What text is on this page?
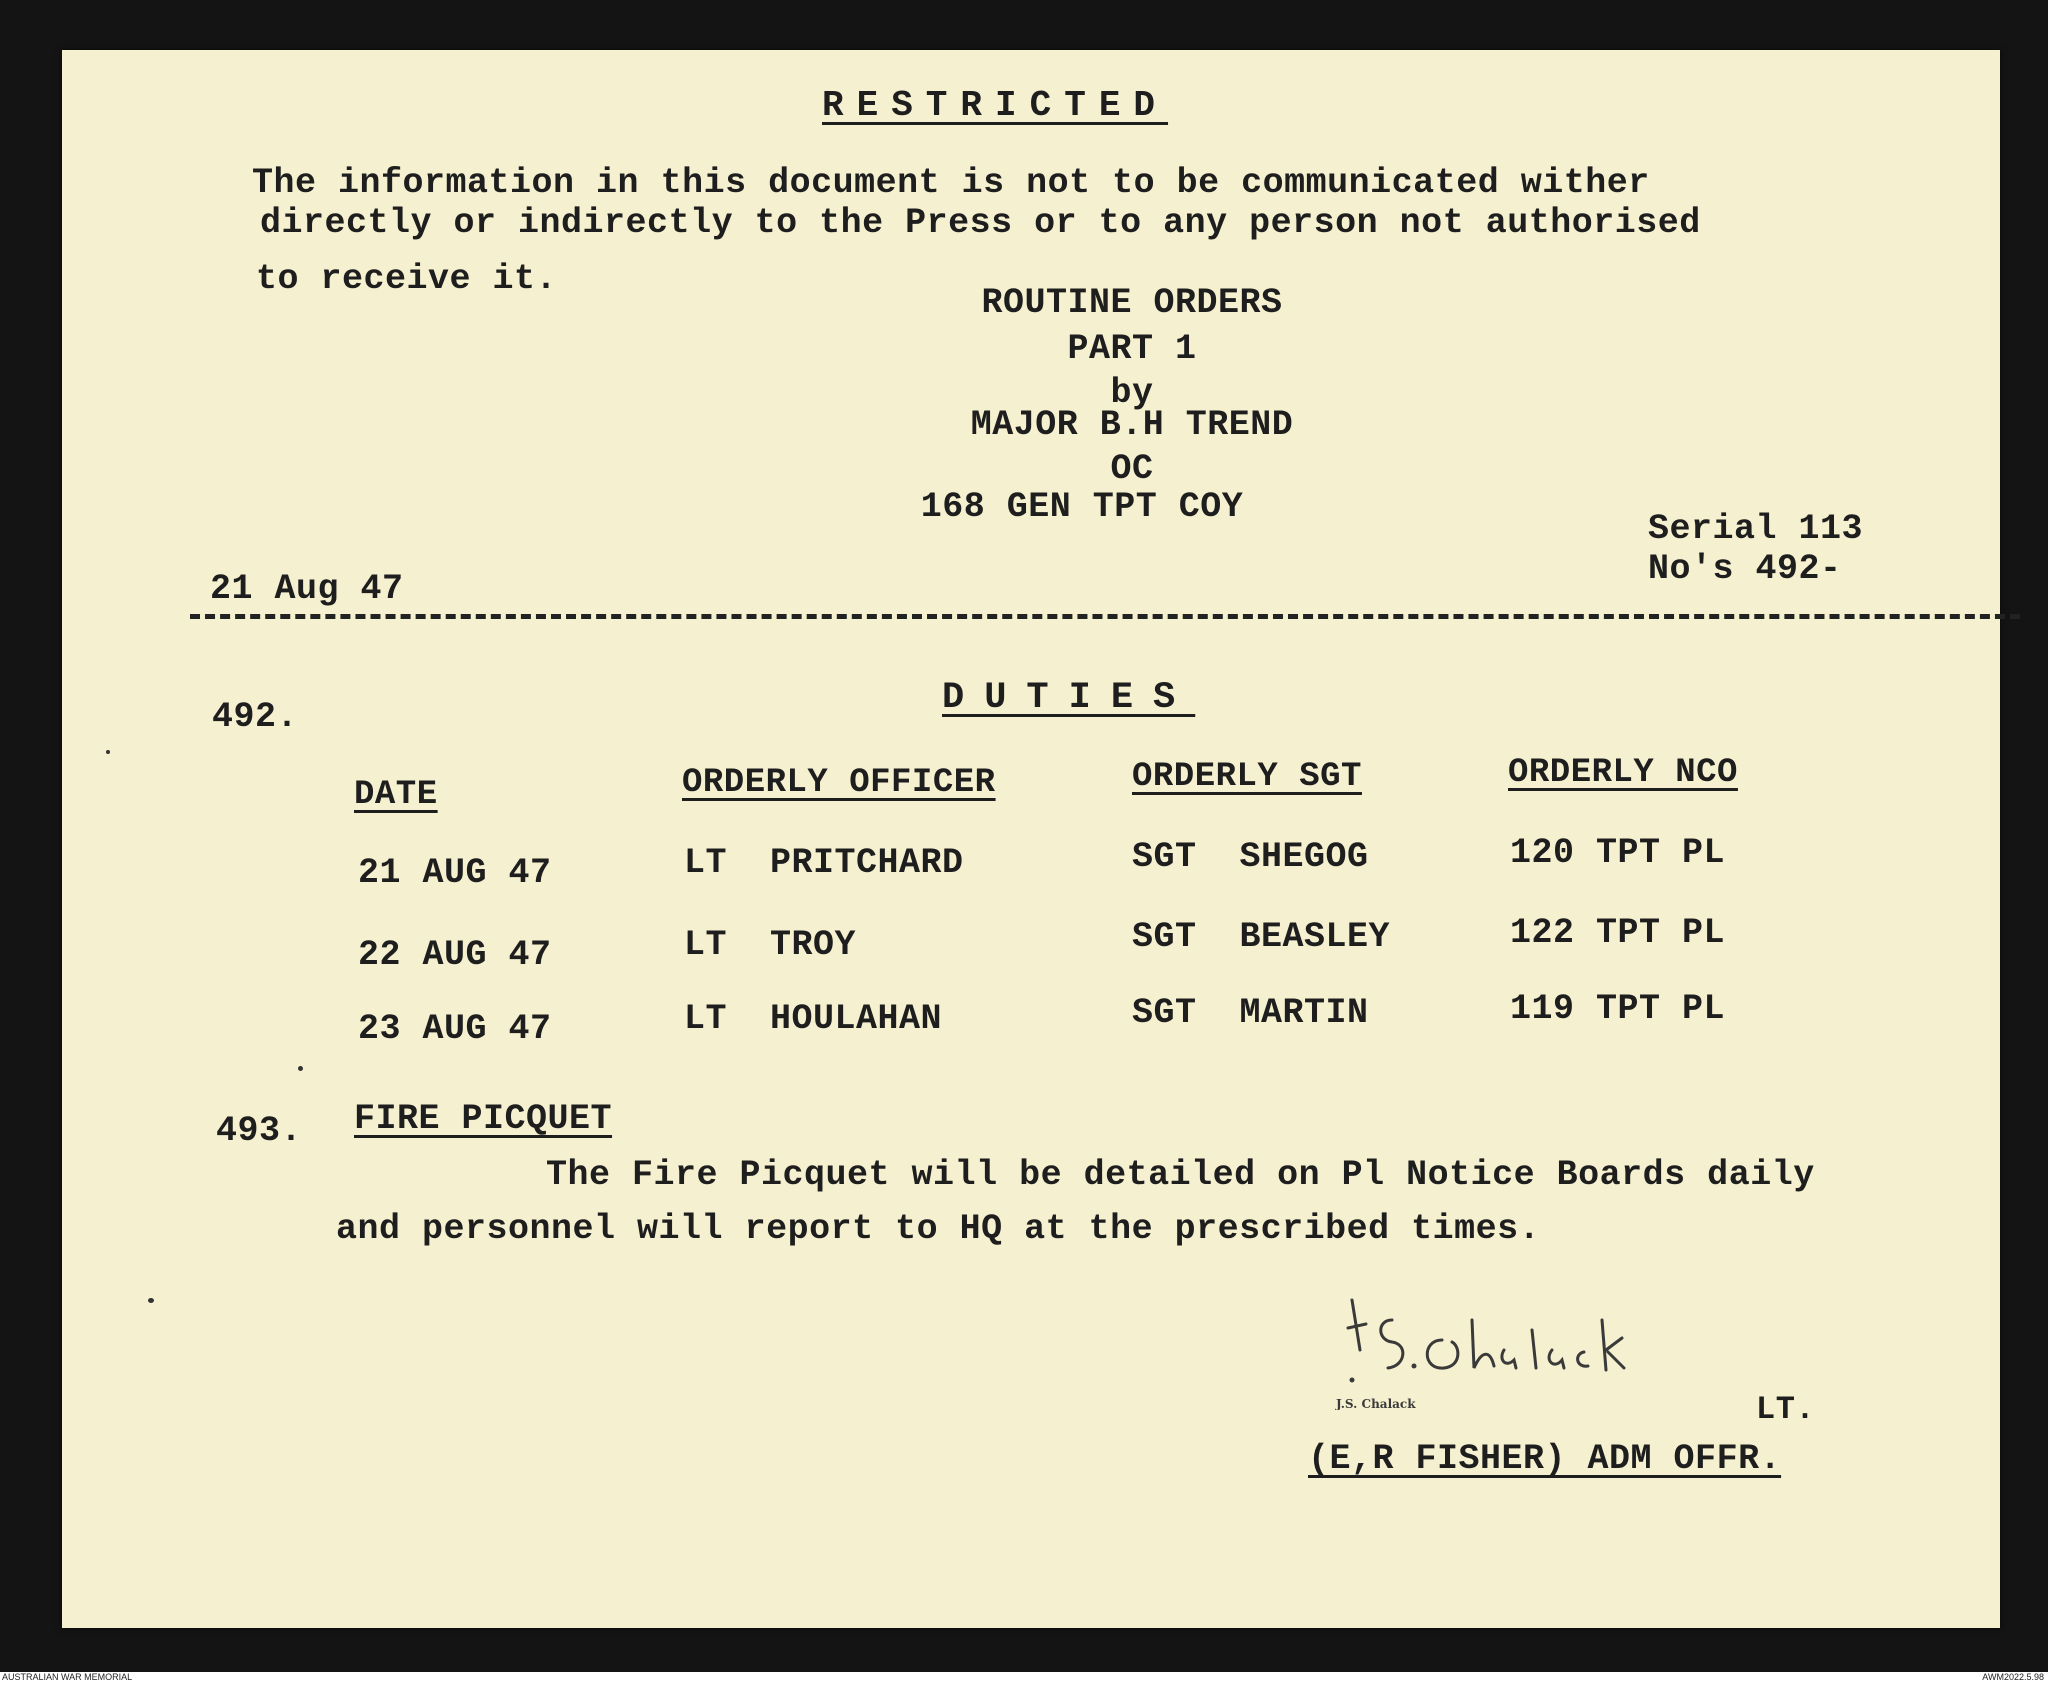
RESTRICTED
The information in this document is not to be communicated wither
directly or indirectly to the Press or to any person not authorised
to receive it.
ROUTINE ORDERS
PART 1
by
MAJOR B.H TREND
OC
168 GEN TPT COY
Serial 113
No's 492-
21 Aug 47
492.	DUTIES
DATE	ORDERLY OFFICER	ORDERLY SGT	ORDERLY NCO
21 AUG 47	LT  PRITCHARD	SGT  SHEGOG	120 TPT PL
22 AUG 47	LT  TROY	SGT  BEASLEY	122 TPT PL
23 AUG 47	LT  HOULAHAN	SGT  MARTIN	119 TPT PL
493. FIRE PICQUET
The Fire Picquet will be detailed on Pl Notice Boards daily
and personnel will report to HQ at the prescribed times.
J.S. Chalack	LT.
(E,R FISHER) ADM OFFR.
AUSTRALIAN WAR MEMORIAL	AWM2022.5.98
